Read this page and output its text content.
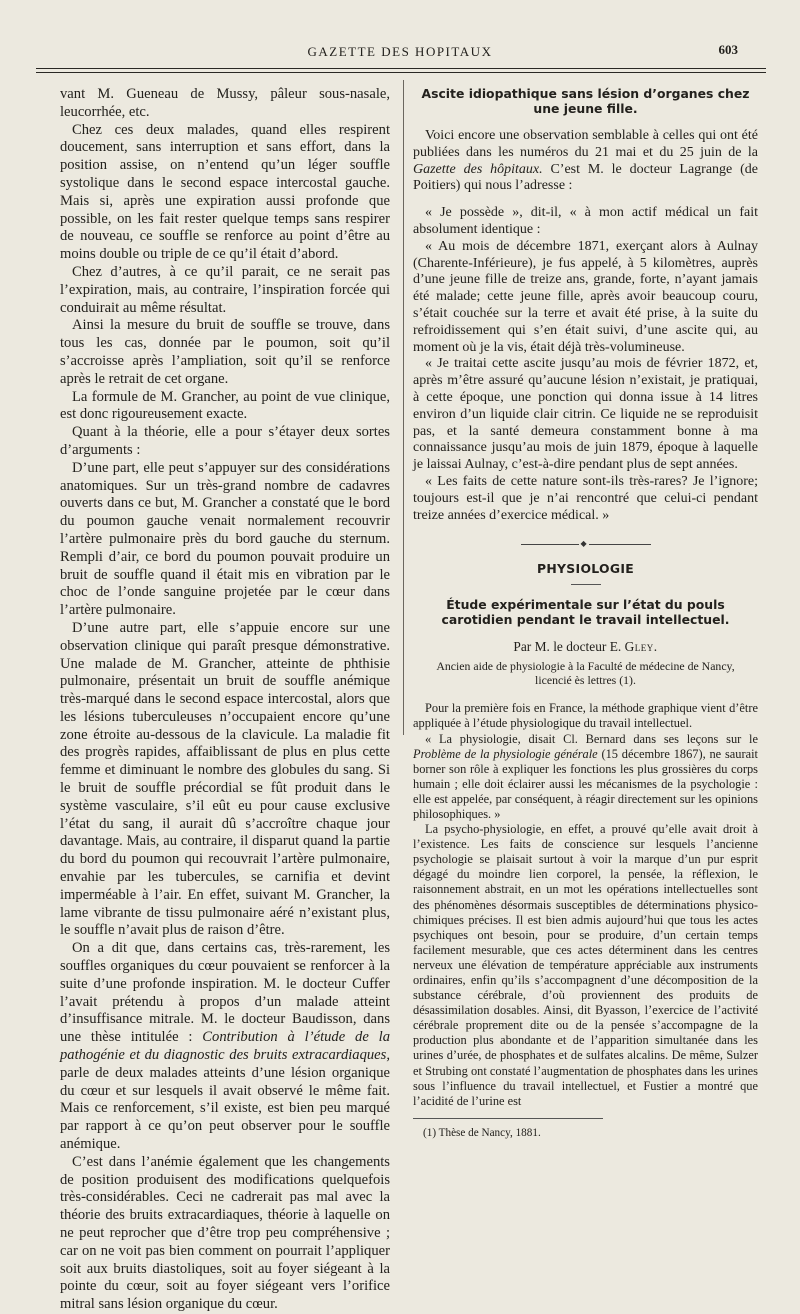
GAZETTE DES HOPITAUX	603

vant M. Gueneau de Mussy, pâleur sous-nasale, leucorrhée, etc.

Chez ces deux malades, quand elles respirent doucement, sans interruption et sans effort, dans la position assise, on n’entend qu’un léger souffle systolique dans le second espace intercostal gauche. Mais si, après une expiration aussi profonde que possible, on les fait rester quelque temps sans respirer de nouveau, ce souffle se renforce au point d’être au moins double ou triple de ce qu’il était d’abord.

Chez d’autres, à ce qu’il parait, ce ne serait pas l’expiration, mais, au contraire, l’inspiration forcée qui conduirait au même résultat.

Ainsi la mesure du bruit de souffle se trouve, dans tous les cas, donnée par le poumon, soit qu’il s’accroisse après l’ampliation, soit qu’il se renforce après le retrait de cet organe.

La formule de M. Grancher, au point de vue clinique, est donc rigoureusement exacte.

Quant à la théorie, elle a pour s’étayer deux sortes d’arguments :

D’une part, elle peut s’appuyer sur des considérations anatomiques. Sur un très-grand nombre de cadavres ouverts dans ce but, M. Grancher a constaté que le bord du poumon gauche venait normalement recouvrir l’artère pulmonaire près du bord gauche du sternum. Rempli d’air, ce bord du poumon pouvait produire un bruit de souffle quand il était mis en vibration par le choc de l’onde sanguine projetée par le cœur dans l’artère pulmonaire.

D’une autre part, elle s’appuie encore sur une observation clinique qui paraît presque démonstrative. Une malade de M. Grancher, atteinte de phthisie pulmonaire, présentait un bruit de souffle anémique très-marqué dans le second espace intercostal, alors que les lésions tuberculeuses n’occupaient encore qu’une zone étroite au-dessous de la clavicule. La maladie fit des progrès rapides, affaiblissant de plus en plus cette femme et diminuant le nombre des globules du sang. Si le bruit de souffle précordial se fût produit dans le système vasculaire, s’il eût eu pour cause exclusive l’état du sang, il aurait dû s’accroître chaque jour davantage. Mais, au contraire, il disparut quand la partie du bord du poumon qui recouvrait l’artère pulmonaire, envahie par les tubercules, se carnifia et devint imperméable à l’air. En effet, suivant M. Grancher, la lame vibrante de tissu pulmonaire aéré n’existant plus, le souffle n’avait plus de raison d’être.

On a dit que, dans certains cas, très-rarement, les souffles organiques du cœur pouvaient se renforcer à la suite d’une profonde inspiration. M. le docteur Cuffer l’avait prétendu à propos d’un malade atteint d’insuffisance mitrale. M. le docteur Baudisson, dans une thèse intitulée : Contribution à l’étude de la pathogénie et du diagnostic des bruits extracardiaques, parle de deux malades atteints d’une lésion organique du cœur et sur lesquels il avait observé le même fait. Mais ce renforcement, s’il existe, est bien peu marqué par rapport à ce qu’on peut observer pour le souffle anémique.

C’est dans l’anémie également que les changements de position produisent des modifications quelquefois très-considérables. Ceci ne cadrerait pas mal avec la théorie des bruits extracardiaques, théorie à laquelle on ne peut reprocher que d’être trop peu compréhensive ; car on ne voit pas bien comment on pourrait l’appliquer soit aux bruits diastoliques, soit au foyer siégeant à la pointe du cœur, soit au foyer siégeant vers l’orifice mitral sans lésion organique du cœur.

Ascite idiopathique sans lésion d’organes chez une jeune fille.

Voici encore une observation semblable à celles qui ont été publiées dans les numéros du 21 mai et du 25 juin de la Gazette des hôpitaux. C’est M. le docteur Lagrange (de Poitiers) qui nous l’adresse :

« Je possède », dit-il, « à mon actif médical un fait absolument identique :

« Au mois de décembre 1871, exerçant alors à Aulnay (Charente-Inférieure), je fus appelé, à 5 kilomètres, auprès d’une jeune fille de treize ans, grande, forte, n’ayant jamais été malade; cette jeune fille, après avoir beaucoup couru, s’était couchée sur la terre et avait été prise, à la suite du refroidissement qui s’en était suivi, d’une ascite qui, au moment où je la vis, était déjà très-volumineuse.

« Je traitai cette ascite jusqu’au mois de février 1872, et, après m’être assuré qu’aucune lésion n’existait, je pratiquai, à cette époque, une ponction qui donna issue à 14 litres environ d’un liquide clair citrin. Ce liquide ne se reproduisit pas, et la santé demeura constamment bonne à ma connaissance jusqu’au mois de juin 1879, époque à laquelle je laissai Aulnay, c’est-à-dire pendant plus de sept années.

« Les faits de cette nature sont-ils très-rares? Je l’ignore; toujours est-il que je n’ai rencontré que celui-ci pendant treize années d’exercice médical. »

◆
PHYSIOLOGIE
Étude expérimentale sur l’état du pouls carotidien pendant le travail intellectuel.
Par M. le docteur E. Gley.
Ancien aide de physiologie à la Faculté de médecine de Nancy, licencié ès lettres (1).

Pour la première fois en France, la méthode graphique vient d’être appliquée à l’étude physiologique du travail intellectuel.

« La physiologie, disait Cl. Bernard dans ses leçons sur le Problème de la physiologie générale (15 décembre 1867), ne saurait borner son rôle à expliquer les fonctions les plus grossières du corps humain ; elle doit éclairer aussi les mécanismes de la psychologie : elle est appelée, par conséquent, à réagir directement sur les opinions philosophiques. »

La psycho-physiologie, en effet, a prouvé qu’elle avait droit à l’existence. Les faits de conscience sur lesquels l’ancienne psychologie se plaisait surtout à voir la marque d’un pur esprit dégagé du moindre lien corporel, la pensée, la réflexion, le raisonnement abstrait, en un mot les opérations intellectuelles sont des phénomènes désormais susceptibles de déterminations physico-chimiques précises. Il est bien admis aujourd’hui que tous les actes psychiques ont besoin, pour se produire, d’un certain temps facilement mesurable, que ces actes déterminent dans les centres nerveux une élévation de température appréciable aux instruments ordinaires, enfin qu’ils s’accompagnent d’une décomposition de la substance cérébrale, d’où proviennent des produits de désassimilation dosables. Ainsi, dit Byasson, l’exercice de l’activité cérébrale proprement dite ou de la pensée s’accompagne de la production plus abondante et de l’apparition simultanée dans les urines d’urée, de phosphates et de sulfates alcalins. De même, Sulzer et Strubing ont constaté l’augmentation de phosphates dans les urines sous l’influence du travail intellectuel, et Fustier a montré que l’acidité de l’urine est

(1) Thèse de Nancy, 1881.
